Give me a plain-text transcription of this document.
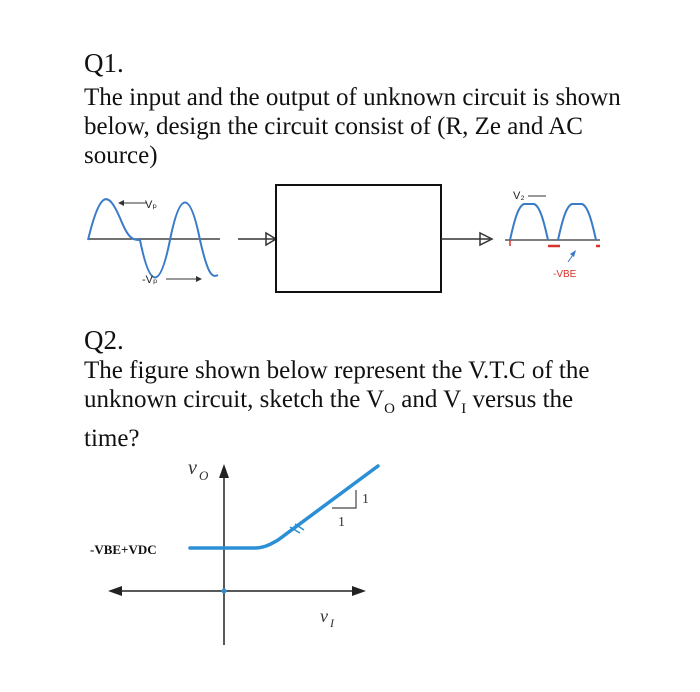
Q1.
The input and the output of unknown circuit is shown below, design the circuit consist of (R, Ze and AC source)
Vₚ
-Vₚ
V₂
-VBE
Q2.
The figure shown below represent the V.T.C of the unknown circuit, sketch the $V_O$ and $V_I$ versus the time?
v O
v I
1
1
-VBE+VDC
